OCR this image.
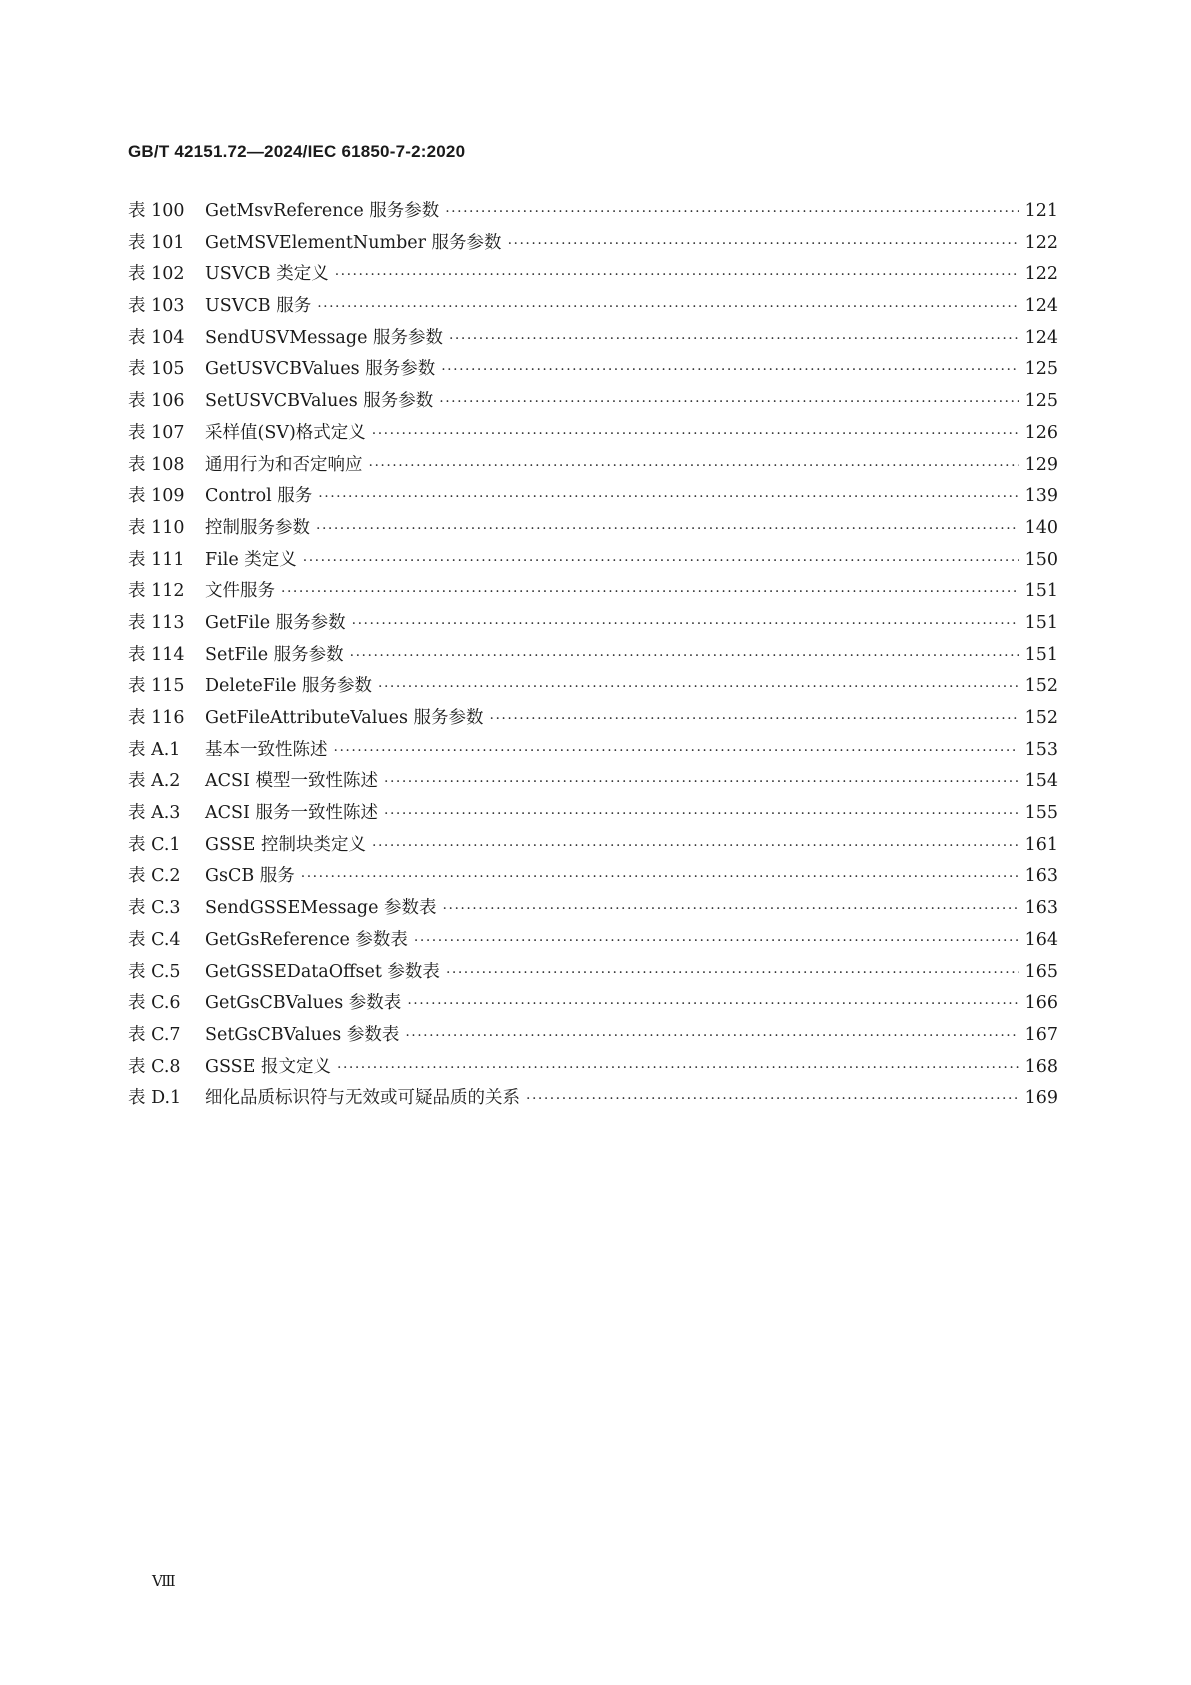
GB/T 42151.72—2024/IEC 61850-7-2:2020
表 100	GetMsvReference 服务参数 ·····	121
表 101	GetMSVElementNumber 服务参数 ·····	122
表 102	USVCB 类定义 ·····	122
表 103	USVCB 服务 ·····	124
表 104	SendUSVMessage 服务参数 ·····	124
表 105	GetUSVCBValues 服务参数 ·····	125
表 106	SetUSVCBValues 服务参数 ·····	125
表 107	采样值(SV)格式定义 ·····	126
表 108	通用行为和否定响应 ·····	129
表 109	Control 服务 ·····	139
表 110	控制服务参数 ·····	140
表 111	File 类定义 ·····	150
表 112	文件服务 ·····	151
表 113	GetFile 服务参数 ·····	151
表 114	SetFile 服务参数 ·····	151
表 115	DeleteFile 服务参数 ·····	152
表 116	GetFileAttributeValues 服务参数 ·····	152
表 A.1	基本一致性陈述 ·····	153
表 A.2	ACSI 模型一致性陈述 ·····	154
表 A.3	ACSI 服务一致性陈述 ·····	155
表 C.1	GSSE 控制块类定义 ·····	161
表 C.2	GsCB 服务 ·····	163
表 C.3	SendGSSEMessage 参数表 ·····	163
表 C.4	GetGsReference 参数表 ·····	164
表 C.5	GetGSSEDataOffset 参数表 ·····	165
表 C.6	GetGsCBValues 参数表 ·····	166
表 C.7	SetGsCBValues 参数表 ·····	167
表 C.8	GSSE 报文定义 ·····	168
表 D.1	细化品质标识符与无效或可疑品质的关系 ·····	169
Ⅷ
